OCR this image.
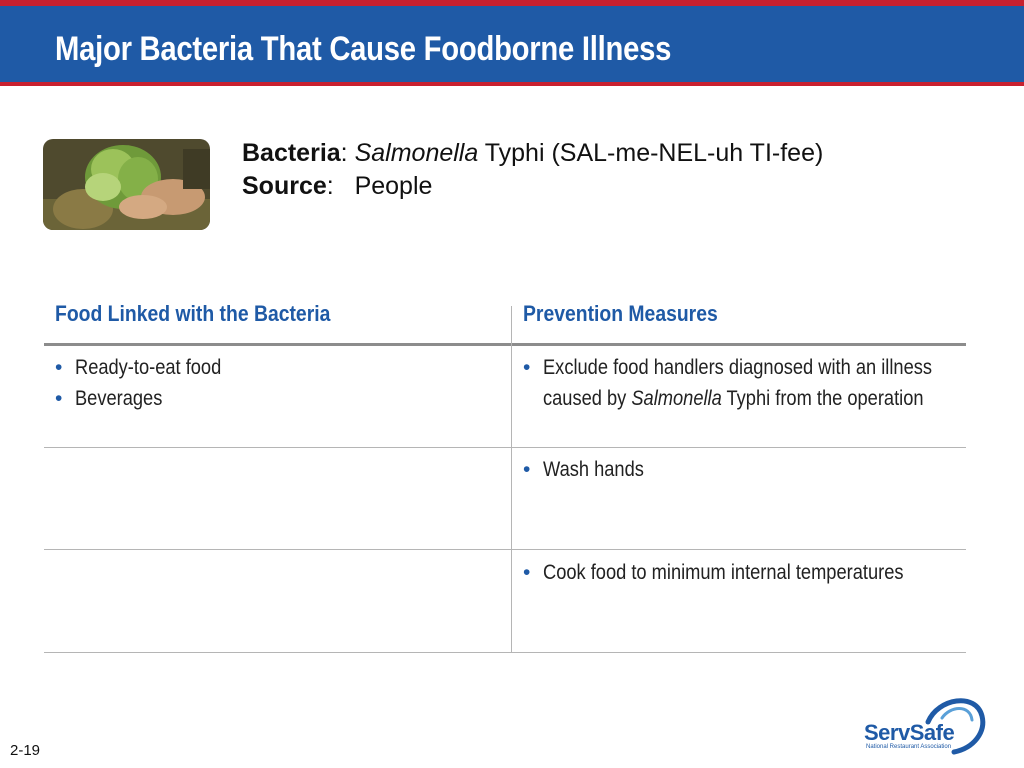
Major Bacteria That Cause Foodborne Illness
Bacteria: Salmonella Typhi (SAL-me-NEL-uh TI-fee)
Source:   People
Food Linked with the Bacteria	Prevention Measures
• Ready-to-eat food
• Beverages
• Exclude food handlers diagnosed with an illness caused by Salmonella Typhi from the operation
• Wash hands
• Cook food to minimum internal temperatures
2-19
ServSafe
National Restaurant Association
